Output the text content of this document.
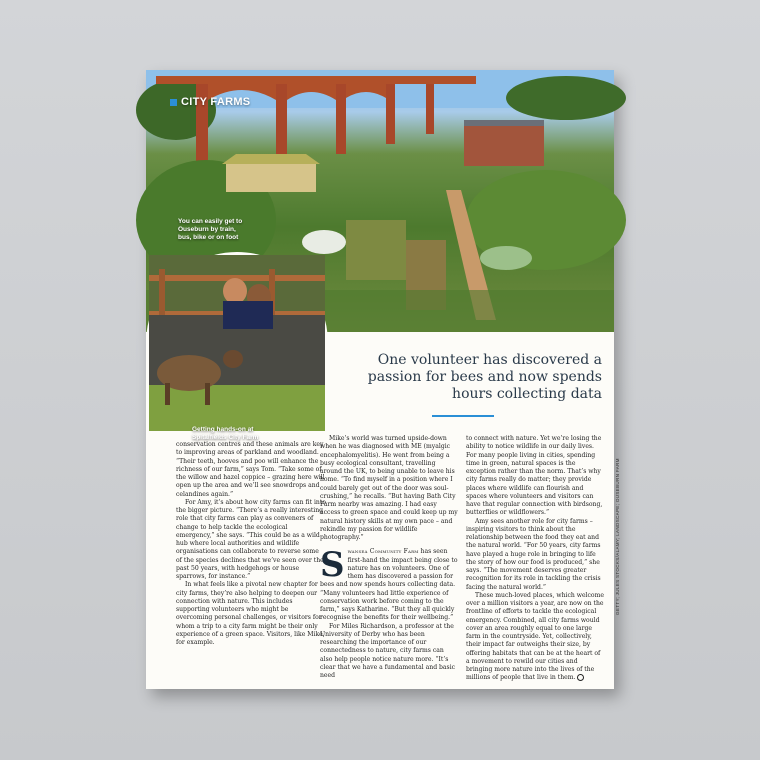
CITY FARMS
You can easily get to Ouseburn by train, bus, bike or on foot
Getting hands-on at Spitalfields City Farm

One volunteer has discovered a passion for bees and now spends hours collecting data

conservation centres and these animals are key to improving areas of parkland and woodland. “Their teeth, hooves and poo will enhance the richness of our farm,” says Tom. “Take some of the willow and hazel coppice – grazing here will open up the area and we’ll see snowdrops and celandines again.”

For Amy, it’s about how city farms can fit into the bigger picture. “There’s a really interesting role that city farms can play as conveners of change to help tackle the ecological emergency,” she says. “This could be as a wild hub where local authorities and wildlife organisations can collaborate to reverse some of the species declines that we’ve seen over the past 50 years, with hedgehogs or house sparrows, for instance.”

In what feels like a pivotal new chapter for city farms, they’re also helping to deepen our connection with nature. This includes supporting volunteers who might be overcoming personal challenges, or visitors for whom a trip to a city farm might be their only experience of a green space. Visitors, like Mike, for example.

Mike’s world was turned upside-down when he was diagnosed with ME (myalgic encephalomyelitis). He went from being a busy ecological consultant, travelling around the UK, to being unable to leave his home. “To find myself in a position where I could barely get out of the door was soul-crushing,” he recalls. “But having Bath City Farm nearby was amazing. I had easy access to green space and could keep up my natural history skills at my own pace – and rekindle my passion for wildlife photography.”

Swansea Community Farm has seen first-hand the impact being close to nature has on volunteers. One of them has discovered a passion for bees and now spends hours collecting data. “Many volunteers had little experience of conservation work before coming to the farm,” says Katharine. “But they all quickly recognise the benefits for their wellbeing.”

For Miles Richardson, a professor at the University of Derby who has been researching the importance of our connectedness to nature, city farms can also help people notice nature more. “It’s clear that we have a fundamental and basic need

to connect with nature. Yet we’re losing the ability to notice wildlife in our daily lives. For many people living in cities, spending time in green, natural spaces is the exception rather than the norm. That’s why city farms really do matter; they provide places where wildlife can flourish and spaces where volunteers and visitors can have that regular connection with birdsong, butterflies or wildflowers.”

Amy sees another role for city farms – inspiring visitors to think about the relationship between the food they eat and the natural world. “For 50 years, city farms have played a huge role in bringing to life the story of how our food is produced,” she says. “The movement deserves greater recognition for its role in tackling the crisis facing the natural world.”

These much-loved places, which welcome over a million visitors a year, are now on the frontline of efforts to tackle the ecological emergency. Combined, all city farms would cover an area roughly equal to one large farm in the countryside. Yet, collectively, their impact far outweighs their size, by offering habitats that can be at the heart of a movement to rewild our cities and bringing more nature into the lives of the millions of people that live in them.

GETTY; JULES STOCKS/ALAMY; LANDSCAPE; OUSEBURN FARM
